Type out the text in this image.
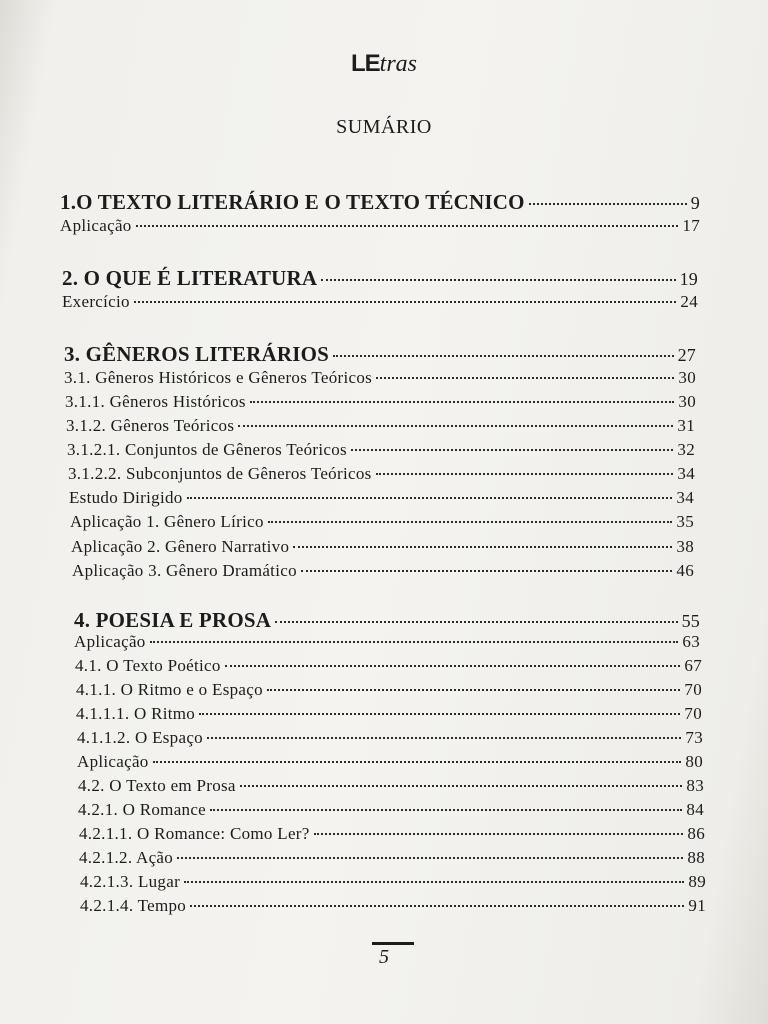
LEtras
SUMÁRIO
1.O TEXTO LITERÁRIO E O TEXTO TÉCNICO	9
Aplicação	17
2. O QUE É LITERATURA	19
Exercício	24
3. GÊNEROS LITERÁRIOS	27
3.1. Gêneros Históricos e Gêneros Teóricos	30
3.1.1. Gêneros Históricos	30
3.1.2. Gêneros Teóricos	31
3.1.2.1. Conjuntos de Gêneros Teóricos	32
3.1.2.2. Subconjuntos de Gêneros Teóricos	34
Estudo Dirigido	34
Aplicação 1. Gênero Lírico	35
Aplicação 2. Gênero Narrativo	38
Aplicação 3. Gênero Dramático	46
4. POESIA E PROSA	55
Aplicação	63
4.1. O Texto Poético	67
4.1.1. O Ritmo e o Espaço	70
4.1.1.1. O Ritmo	70
4.1.1.2. O Espaço	73
Aplicação	80
4.2. O Texto em Prosa	83
4.2.1. O Romance	84
4.2.1.1. O Romance: Como Ler?	86
4.2.1.2. Ação	88
4.2.1.3. Lugar	89
4.2.1.4. Tempo	91
5
